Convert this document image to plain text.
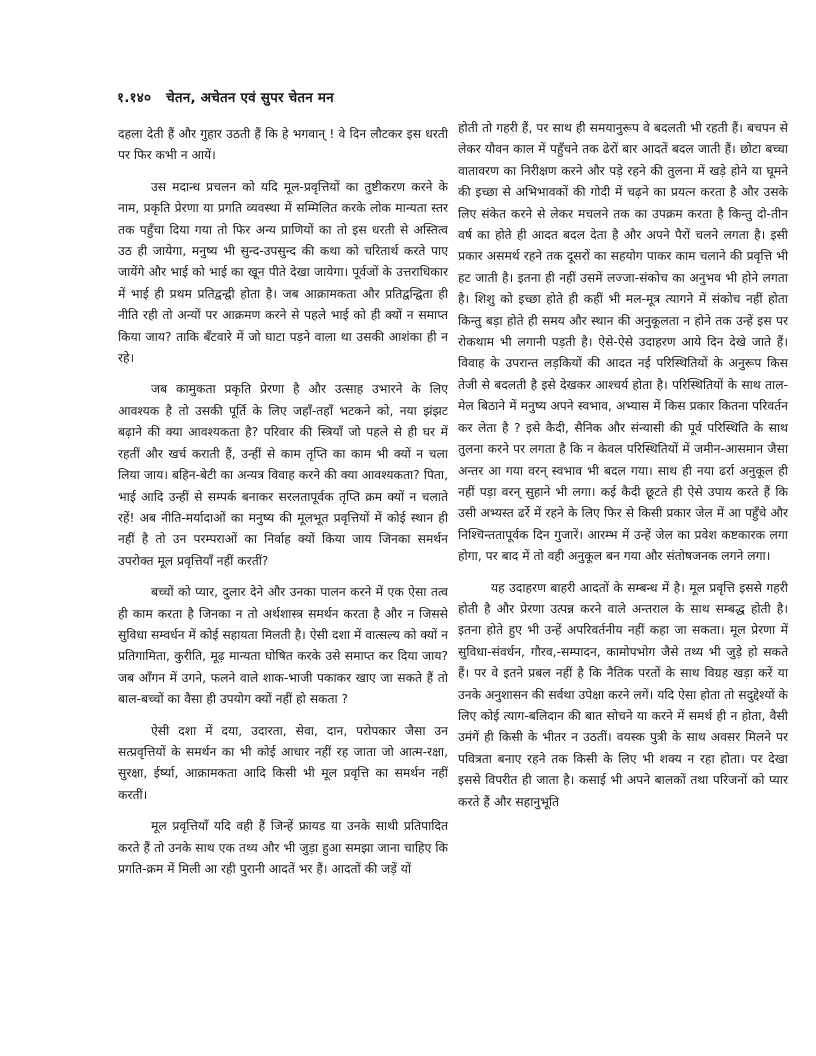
१.१४० चेतन, अचेतन एवं सुपर चेतन मन

दहला देती हैं और गुहार उठती हैं कि हे भगवान् ! वे दिन लौटकर इस धरती पर फिर कभी न आयें।

उस मदान्ध प्रचलन को यदि मूल-प्रवृत्तियों का तुष्टीकरण करने के नाम, प्रकृति प्रेरणा या प्रगति व्यवस्था में सम्मिलित करके लोक मान्यता स्तर तक पहुँचा दिया गया तो फिर अन्य प्राणियों का तो इस धरती से अस्तित्व उठ ही जायेगा, मनुष्य भी सुन्द-उपसुन्द की कथा को चरितार्थ करते पाए जायेंगे और भाई को भाई का खून पीते देखा जायेगा। पूर्वजों के उत्तराधिकार में भाई ही प्रथम प्रतिद्वन्द्वी होता है। जब आक्रामकता और प्रतिद्वन्द्विता ही नीति रही तो अन्यों पर आक्रमण करने से पहले भाई को ही क्यों न समाप्त किया जाय? ताकि बँटवारे में जो घाटा पड़ने वाला था उसकी आशंका ही न रहे।

जब कामुकता प्रकृति प्रेरणा है और उत्साह उभारने के लिए आवश्यक है तो उसकी पूर्ति के लिए जहाँ-तहाँ भटकने को, नया झंझट बढ़ाने की क्या आवश्यकता है? परिवार की स्त्रियाँ जो पहले से ही घर में रहतीं और खर्च कराती हैं, उन्हीं से काम तृप्ति का काम भी क्यों न चला लिया जाय। बहिन-बेटी का अन्यत्र विवाह करने की क्या आवश्यकता? पिता, भाई आदि उन्हीं से सम्पर्क बनाकर सरलतापूर्वक तृप्ति क्रम क्यों न चलाते रहें! अब नीति-मर्यादाओं का मनुष्य की मूलभूत प्रवृत्तियों में कोई स्थान ही नहीं है तो उन परम्पराओं का निर्वाह क्यों किया जाय जिनका समर्थन उपरोक्त मूल प्रवृत्तियाँ नहीं करतीं?

बच्चों को प्यार, दुलार देने और उनका पालन करने में एक ऐसा तत्व ही काम करता है जिनका न तो अर्थशास्त्र समर्थन करता है और न जिससे सुविधा सम्वर्धन में कोई सहायता मिलती है। ऐसी दशा में वात्सल्य को क्यों न प्रतिगामिता, कुरीति, मूढ़ मान्यता घोषित करके उसे समाप्त कर दिया जाय? जब आँगन में उगने, फलने वाले शाक-भाजी पकाकर खाए जा सकते हैं तो बाल-बच्चों का वैसा ही उपयोग क्यों नहीं हो सकता ?

ऐसी दशा में दया, उदारता, सेवा, दान, परोपकार जैसा उन सत्प्रवृत्तियों के समर्थन का भी कोई आधार नहीं रह जाता जो आत्म-रक्षा, सुरक्षा, ईर्ष्या, आक्रामकता आदि किसी भी मूल प्रवृत्ति का समर्थन नहीं करतीं।

मूल प्रवृत्तियाँ यदि वही हैं जिन्हें फ्रायड या उनके साथी प्रतिपादित करते हैं तो उनके साथ एक तथ्य और भी जुड़ा हुआ समझा जाना चाहिए कि प्रगति-क्रम में मिली आ रही पुरानी आदतें भर हैं। आदतों की जड़ें यों

होती तो गहरी हैं, पर साथ ही समयानुरूप वे बदलती भी रहती हैं। बचपन से लेकर यौवन काल में पहुँचने तक ढेरों बार आदतें बदल जाती हैं। छोटा बच्चा वातावरण का निरीक्षण करने और पड़े रहने की तुलना में खड़े होने या घूमने की इच्छा से अभिभावकों की गोदी में चढ़ने का प्रयत्न करता है और उसके लिए संकेत करने से लेकर मचलने तक का उपक्रम करता है किन्तु दो-तीन वर्ष का होते ही आदत बदल देता है और अपने पैरों चलने लगता है। इसी प्रकार असमर्थ रहने तक दूसरों का सहयोग पाकर काम चलाने की प्रवृत्ति भी हट जाती है। इतना ही नहीं उसमें लज्जा-संकोच का अनुभव भी होने लगता है। शिशु को इच्छा होते ही कहीं भी मल-मूत्र त्यागने में संकोच नहीं होता किन्तु बड़ा होते ही समय और स्थान की अनुकूलता न होने तक उन्हें इस पर रोकथाम भी लगानी पड़ती है। ऐसे-ऐसे उदाहरण आये दिन देखे जाते हैं। विवाह के उपरान्त लड़कियों की आदत नई परिस्थितियों के अनुरूप किस तेजी से बदलती है इसे देखकर आश्चर्य होता है। परिस्थितियों के साथ ताल-मेल बिठाने में मनुष्य अपने स्वभाव, अभ्यास में किस प्रकार कितना परिवर्तन कर लेता है ? इसे कैदी, सैनिक और संन्यासी की पूर्व परिस्थिति के साथ तुलना करने पर लगता है कि न केवल परिस्थितियों में जमीन-आसमान जैसा अन्तर आ गया वरन् स्वभाव भी बदल गया। साथ ही नया ढर्रा अनुकूल ही नहीं पड़ा वरन् सुहाने भी लगा। कई कैदी छूटते ही ऐसे उपाय करते हैं कि उसी अभ्यस्त ढर्रे में रहने के लिए फिर से किसी प्रकार जेल में आ पहुँचे और निश्चिन्ततापूर्वक दिन गुजारें। आरम्भ में उन्हें जेल का प्रवेश कष्टकारक लगा होगा, पर बाद में तो वही अनुकूल बन गया और संतोषजनक लगने लगा।

यह उदाहरण बाहरी आदतों के सम्बन्ध में है। मूल प्रवृत्ति इससे गहरी होती है और प्रेरणा उत्पन्न करने वाले अन्तराल के साथ सम्बद्ध होती है। इतना होते हुए भी उन्हें अपरिवर्तनीय नहीं कहा जा सकता। मूल प्रेरणा में सुविधा-संवर्धन, गौरव,-सम्पादन, कामोपभोग जैसे तथ्य भी जुड़े हो सकते हैं। पर वे इतने प्रबल नहीं है कि नैतिक परतों के साथ विग्रह खड़ा करें या उनके अनुशासन की सर्वथा उपेक्षा करने लगें। यदि ऐसा होता तो सदुद्देश्यों के लिए कोई त्याग-बलिदान की बात सोचने या करने में समर्थ ही न होता, वैसी उमंगें ही किसी के भीतर न उठतीं। वयस्क पुत्री के साथ अवसर मिलने पर पवित्रता बनाए रहने तक किसी के लिए भी शक्य न रहा होता। पर देखा इससे विपरीत ही जाता है। कसाई भी अपने बालकों तथा परिजनों को प्यार करते हैं और सहानुभूति
